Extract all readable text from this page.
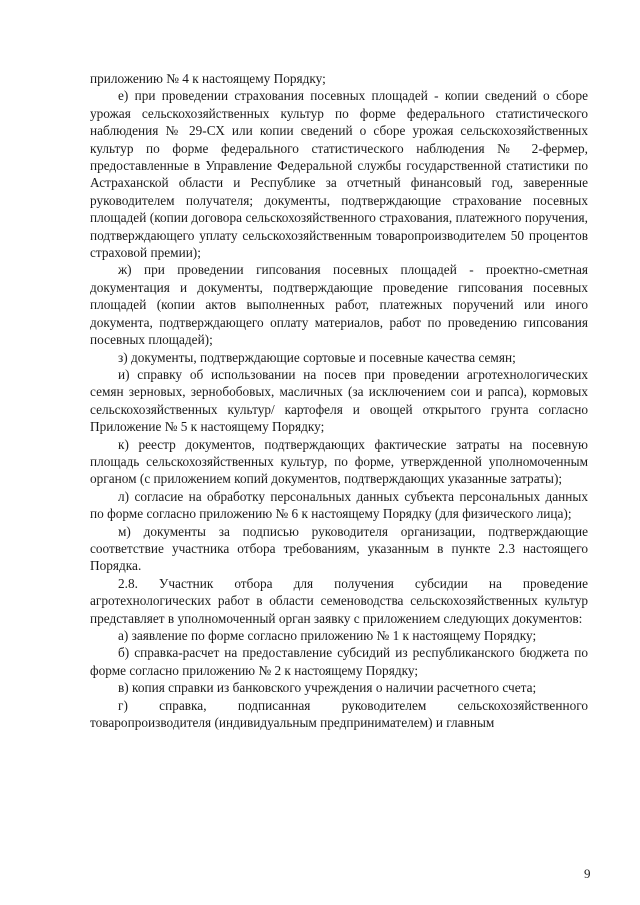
приложению № 4 к настоящему Порядку;

е) при проведении страхования посевных площадей - копии сведений о сборе урожая сельскохозяйственных культур по форме федерального статистического наблюдения № 29-СХ или копии сведений о сборе урожая сельскохозяйственных культур по форме федерального статистического наблюдения № 2-фермер, предоставленные в Управление Федеральной службы государственной статистики по Астраханской области и Республике за отчетный финансовый год, заверенные руководителем получателя; документы, подтверждающие страхование посевных площадей (копии договора сельскохозяйственного страхования, платежного поручения, подтверждающего уплату сельскохозяйственным товаропроизводителем 50 процентов страховой премии);

ж) при проведении гипсования посевных площадей - проектно-сметная документация и документы, подтверждающие проведение гипсования посевных площадей (копии актов выполненных работ, платежных поручений или иного документа, подтверждающего оплату материалов, работ по проведению гипсования посевных площадей);

з) документы, подтверждающие сортовые и посевные качества семян;

и) справку об использовании на посев при проведении агротехнологических семян зерновых, зернобобовых, масличных (за исключением сои и рапса), кормовых сельскохозяйственных культур/ картофеля и овощей открытого грунта согласно Приложение № 5 к настоящему Порядку;

к) реестр документов, подтверждающих фактические затраты на посевную площадь сельскохозяйственных культур, по форме, утвержденной уполномоченным органом (с приложением копий документов, подтверждающих указанные затраты);

л) согласие на обработку персональных данных субъекта персональных данных по форме согласно приложению № 6 к настоящему Порядку (для физического лица);

м) документы за подписью руководителя организации, подтверждающие соответствие участника отбора требованиям, указанным в пункте 2.3 настоящего Порядка.

2.8. Участник отбора для получения субсидии на проведение агротехнологических работ в области семеноводства сельскохозяйственных культур представляет в уполномоченный орган заявку с приложением следующих документов:

а) заявление по форме согласно приложению № 1 к настоящему Порядку;

б) справка-расчет на предоставление субсидий из республиканского бюджета по форме согласно приложению № 2 к настоящему Порядку;

в) копия справки из банковского учреждения о наличии расчетного счета;

г) справка, подписанная руководителем сельскохозяйственного товаропроизводителя (индивидуальным предпринимателем) и главным

9
